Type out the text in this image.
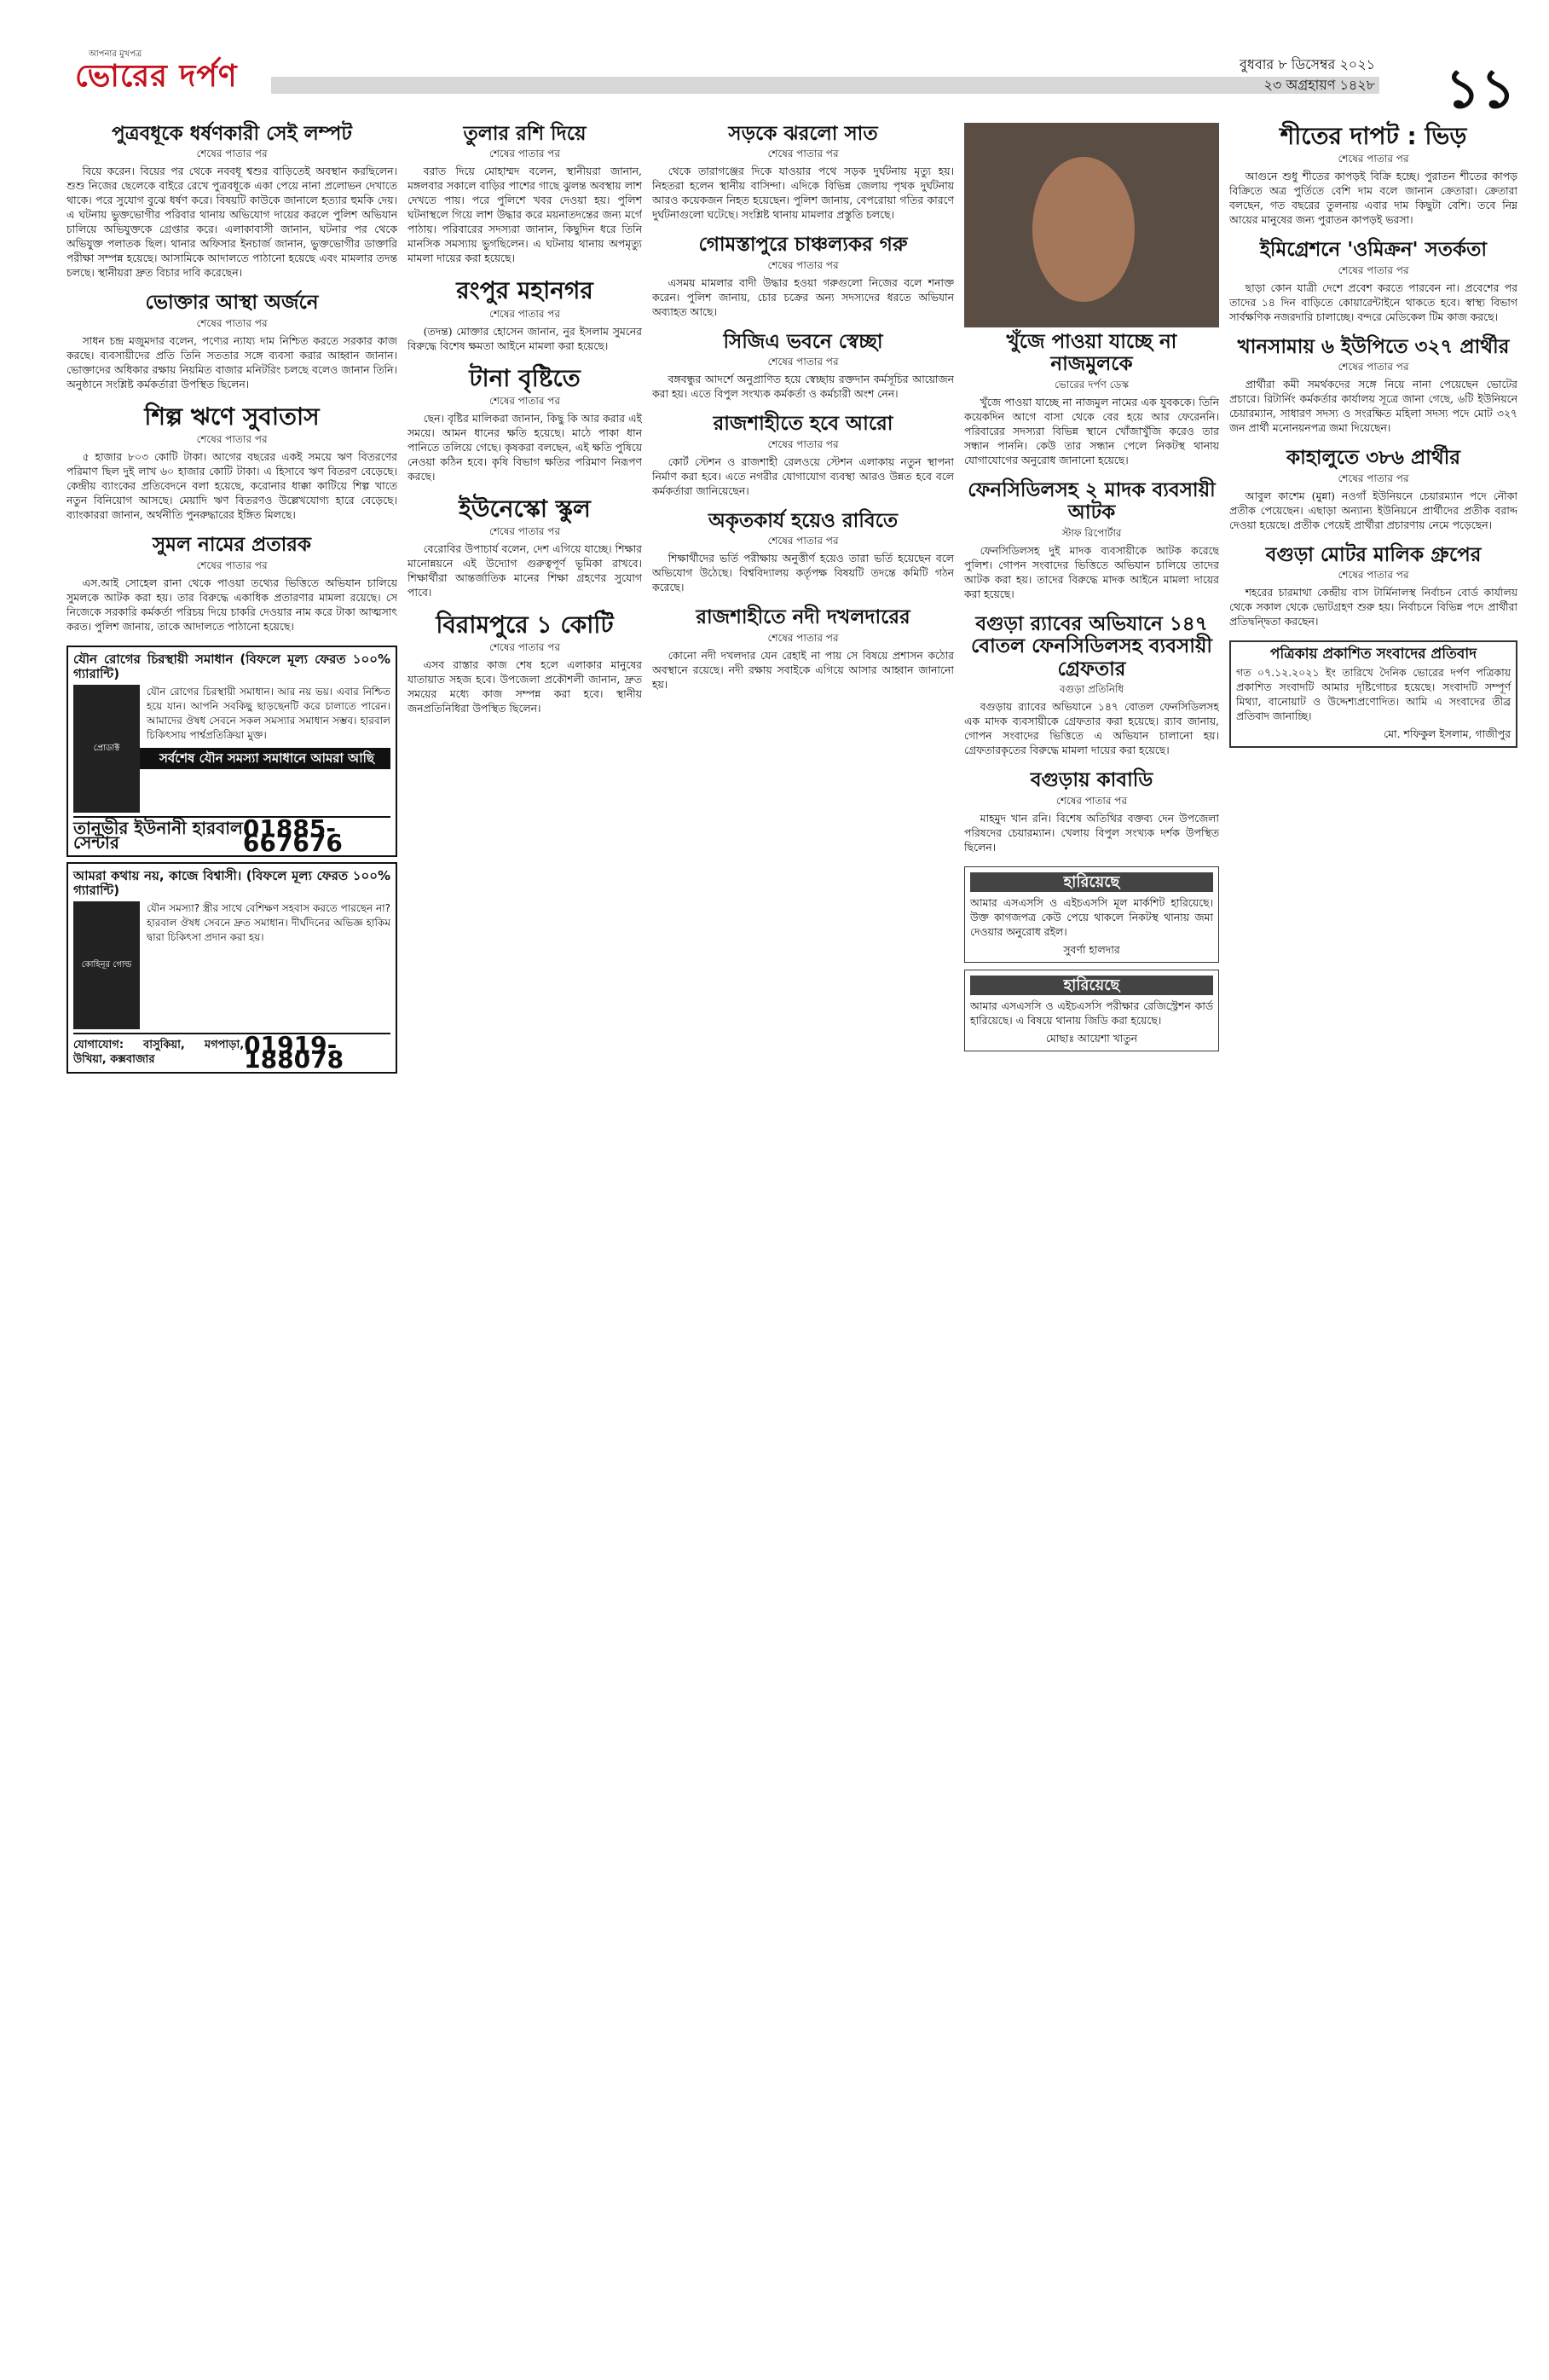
আপনার মুখপত্র
ভোরের দর্পণ	বুধবার ৮ ডিসেম্বর ২০২১
২৩ অগ্রহায়ণ ১৪২৮ ১১
পুত্রবধূকে ধর্ষণকারী সেই লম্পট
শেষের পাতার পর

বিয়ে করেন। বিয়ের পর থেকে নববধূ শ্বশুর বাড়িতেই অবস্থান করছিলেন। শুশু নিজের ছেলেকে বাইরে রেখে পুত্রবধূকে একা পেয়ে নানা প্রলোভন দেখাতে থাকে। পরে সুযোগ বুঝে ধর্ষণ করে। বিষয়টি কাউকে জানালে হত্যার হুমকি দেয়। এ ঘটনায় ভুক্তভোগীর পরিবার থানায় অভিযোগ দায়ের করলে পুলিশ অভিযান চালিয়ে অভিযুক্তকে গ্রেপ্তার করে। এলাকাবাসী জানান, ঘটনার পর থেকে অভিযুক্ত পলাতক ছিল। থানার অফিসার ইনচার্জ জানান, ভুক্তভোগীর ডাক্তারি পরীক্ষা সম্পন্ন হয়েছে। আসামিকে আদালতে পাঠানো হয়েছে এবং মামলার তদন্ত চলছে। স্থানীয়রা দ্রুত বিচার দাবি করেছেন।

ভোক্তার আস্থা অর্জনে
শেষের পাতার পর

সাধন চন্দ্র মজুমদার বলেন, পণ্যের ন্যায্য দাম নিশ্চিত করতে সরকার কাজ করছে। ব্যবসায়ীদের প্রতি তিনি সততার সঙ্গে ব্যবসা করার আহ্বান জানান। ভোক্তাদের অধিকার রক্ষায় নিয়মিত বাজার মনিটরিং চলছে বলেও জানান তিনি। অনুষ্ঠানে সংশ্লিষ্ট কর্মকর্তারা উপস্থিত ছিলেন।

শিল্প ঋণে সুবাতাস
শেষের পাতার পর

৫ হাজার ৮০৩ কোটি টাকা। আগের বছরের একই সময়ে ঋণ বিতরণের পরিমাণ ছিল দুই লাখ ৬০ হাজার কোটি টাকা। এ হিসাবে ঋণ বিতরণ বেড়েছে। কেন্দ্রীয় ব্যাংকের প্রতিবেদনে বলা হয়েছে, করোনার ধাক্কা কাটিয়ে শিল্প খাতে নতুন বিনিয়োগ আসছে। মেয়াদি ঋণ বিতরণও উল্লেখযোগ্য হারে বেড়েছে। ব্যাংকাররা জানান, অর্থনীতি পুনরুদ্ধারের ইঙ্গিত মিলছে।

সুমল নামের প্রতারক
শেষের পাতার পর

এস.আই সোহেল রানা থেকে পাওয়া তথ্যের ভিত্তিতে অভিযান চালিয়ে সুমলকে আটক করা হয়। তার বিরুদ্ধে একাধিক প্রতারণার মামলা রয়েছে। সে নিজেকে সরকারি কর্মকর্তা পরিচয় দিয়ে চাকরি দেওয়ার নাম করে টাকা আত্মসাৎ করত। পুলিশ জানায়, তাকে আদালতে পাঠানো হয়েছে।

যৌন রোগের চিরস্থায়ী সমাধান (বিফলে মূল্য ফেরত ১০০% গ্যারান্টি)
প্রোডাক্ট
যৌন রোগের চিরস্থায়ী সমাধান। আর নয় ভয়। এবার নিশ্চিত হয়ে যান। আপনি সবকিছু ছাড়ছেনটি করে চালাতে পারেন। আমাদের ঔষধ সেবনে সকল সমস্যার সমাধান সম্ভব। হারবাল চিকিৎসায় পার্শ্বপ্রতিক্রিয়া মুক্ত।
সর্বশেষ যৌন সমস্যা সমাধানে আমরা আছি
তানভীর ইউনানী হারবাল সেন্টার	01885-667676
আমরা কথায় নয়, কাজে বিশ্বাসী। (বিফলে মূল্য ফেরত ১০০% গ্যারান্টি)
কোহিনূর গোল্ড
যৌন সমস্যা? স্ত্রীর সাথে বেশিক্ষণ সহবাস করতে পারছেন না? হারবাল ঔষধ সেবনে দ্রুত সমাধান। দীর্ঘদিনের অভিজ্ঞ হাকিম দ্বারা চিকিৎসা প্রদান করা হয়।
যোগাযোগ: বাসুকিয়া, মগপাড়া, উখিয়া, কক্সবাজার
01919-188078
তুলার রশি দিয়ে
শেষের পাতার পর

বরাত দিয়ে মোহাম্মদ বলেন, স্থানীয়রা জানান, মঙ্গলবার সকালে বাড়ির পাশের গাছে ঝুলন্ত অবস্থায় লাশ দেখতে পায়। পরে পুলিশে খবর দেওয়া হয়। পুলিশ ঘটনাস্থলে গিয়ে লাশ উদ্ধার করে ময়নাতদন্তের জন্য মর্গে পাঠায়। পরিবারের সদস্যরা জানান, কিছুদিন ধরে তিনি মানসিক সমস্যায় ভুগছিলেন। এ ঘটনায় থানায় অপমৃত্যু মামলা দায়ের করা হয়েছে।

রংপুর মহানগর
শেষের পাতার পর

(তদন্ত) মোক্তার হোসেন জানান, নুর ইসলাম সুমনের বিরুদ্ধে বিশেষ ক্ষমতা আইনে মামলা করা হয়েছে।

টানা বৃষ্টিতে
শেষের পাতার পর

ছেন। বৃষ্টির মালিকরা জানান, কিছু কি আর করার এই সময়ে। আমন ধানের ক্ষতি হয়েছে। মাঠে পাকা ধান পানিতে তলিয়ে গেছে। কৃষকরা বলছেন, এই ক্ষতি পুষিয়ে নেওয়া কঠিন হবে। কৃষি বিভাগ ক্ষতির পরিমাণ নিরূপণ করছে।

ইউনেস্কো স্কুল
শেষের পাতার পর

বেরোবির উপাচার্য বলেন, দেশ এগিয়ে যাচ্ছে। শিক্ষার মানোন্নয়নে এই উদ্যোগ গুরুত্বপূর্ণ ভূমিকা রাখবে। শিক্ষার্থীরা আন্তর্জাতিক মানের শিক্ষা গ্রহণের সুযোগ পাবে।

বিরামপুরে ১ কোটি
শেষের পাতার পর

এসব রাস্তার কাজ শেষ হলে এলাকার মানুষের যাতায়াত সহজ হবে। উপজেলা প্রকৌশলী জানান, দ্রুত সময়ের মধ্যে কাজ সম্পন্ন করা হবে। স্থানীয় জনপ্রতিনিধিরা উপস্থিত ছিলেন।

সড়কে ঝরলো সাত
শেষের পাতার পর

থেকে তারাগঞ্জের দিকে যাওয়ার পথে সড়ক দুর্ঘটনায় মৃত্যু হয়। নিহতরা হলেন স্থানীয় বাসিন্দা। এদিকে বিভিন্ন জেলায় পৃথক দুর্ঘটনায় আরও কয়েকজন নিহত হয়েছেন। পুলিশ জানায়, বেপরোয়া গতির কারণে দুর্ঘটনাগুলো ঘটেছে। সংশ্লিষ্ট থানায় মামলার প্রস্তুতি চলছে।

গোমস্তাপুরে চাঞ্চল্যকর গরু
শেষের পাতার পর

এসময় মামলার বাদী উদ্ধার হওয়া গরুগুলো নিজের বলে শনাক্ত করেন। পুলিশ জানায়, চোর চক্রের অন্য সদস্যদের ধরতে অভিযান অব্যাহত আছে।

সিজিএ ভবনে স্বেচ্ছা
শেষের পাতার পর

বঙ্গবন্ধুর আদর্শে অনুপ্রাণিত হয়ে স্বেচ্ছায় রক্তদান কর্মসূচির আয়োজন করা হয়। এতে বিপুল সংখ্যক কর্মকর্তা ও কর্মচারী অংশ নেন।

রাজশাহীতে হবে আরো
শেষের পাতার পর

কোর্ট স্টেশন ও রাজশাহী রেলওয়ে স্টেশন এলাকায় নতুন স্থাপনা নির্মাণ করা হবে। এতে নগরীর যোগাযোগ ব্যবস্থা আরও উন্নত হবে বলে কর্মকর্তারা জানিয়েছেন।

অকৃতকার্য হয়েও রাবিতে
শেষের পাতার পর

শিক্ষার্থীদের ভর্তি পরীক্ষায় অনুত্তীর্ণ হয়েও তারা ভর্তি হয়েছেন বলে অভিযোগ উঠেছে। বিশ্ববিদ্যালয় কর্তৃপক্ষ বিষয়টি তদন্তে কমিটি গঠন করেছে।

রাজশাহীতে নদী দখলদারের
শেষের পাতার পর

কোনো নদী দখলদার যেন রেহাই না পায় সে বিষয়ে প্রশাসন কঠোর অবস্থানে রয়েছে। নদী রক্ষায় সবাইকে এগিয়ে আসার আহ্বান জানানো হয়।

খুঁজে পাওয়া যাচ্ছে না নাজমুলকে
ভোরের দর্পণ ডেস্ক

খুঁজে পাওয়া যাচ্ছে না নাজমুল নামের এক যুবককে। তিনি কয়েকদিন আগে বাসা থেকে বের হয়ে আর ফেরেননি। পরিবারের সদস্যরা বিভিন্ন স্থানে খোঁজাখুঁজি করেও তার সন্ধান পাননি। কেউ তার সন্ধান পেলে নিকটস্থ থানায় যোগাযোগের অনুরোধ জানানো হয়েছে।

ফেনসিডিলসহ ২ মাদক ব্যবসায়ী আটক
স্টাফ রিপোর্টার

ফেনসিডিলসহ দুই মাদক ব্যবসায়ীকে আটক করেছে পুলিশ। গোপন সংবাদের ভিত্তিতে অভিযান চালিয়ে তাদের আটক করা হয়। তাদের বিরুদ্ধে মাদক আইনে মামলা দায়ের করা হয়েছে।

বগুড়া র‍্যাবের অভিযানে ১৪৭ বোতল ফেনসিডিলসহ ব্যবসায়ী গ্রেফতার
বগুড়া প্রতিনিধি

বগুড়ায় র‍্যাবের অভিযানে ১৪৭ বোতল ফেনসিডিলসহ এক মাদক ব্যবসায়ীকে গ্রেফতার করা হয়েছে। র‍্যাব জানায়, গোপন সংবাদের ভিত্তিতে এ অভিযান চালানো হয়। গ্রেফতারকৃতের বিরুদ্ধে মামলা দায়ের করা হয়েছে।

বগুড়ায় কাবাডি
শেষের পাতার পর

মাহমুদ খান রনি। বিশেষ অতিথির বক্তব্য দেন উপজেলা পরিষদের চেয়ারম্যান। খেলায় বিপুল সংখ্যক দর্শক উপস্থিত ছিলেন।

হারিয়েছে

আমার এসএসসি ও এইচএসসি মূল মার্কশিট হারিয়েছে। উক্ত কাগজপত্র কেউ পেয়ে থাকলে নিকটস্থ থানায় জমা দেওয়ার অনুরোধ রইল।

সুবর্ণা হালদার
হারিয়েছে

আমার এসএসসি ও এইচএসসি পরীক্ষার রেজিস্ট্রেশন কার্ড হারিয়েছে। এ বিষয়ে থানায় জিডি করা হয়েছে।

মোছাঃ আয়েশা খাতুন
শীতের দাপট : ভিড়
শেষের পাতার পর

আগুনে শুধু শীতের কাপড়ই বিক্রি হচ্ছে। পুরাতন শীতের কাপড় বিক্রিতে অত্র পুর্তিতে বেশি দাম বলে জানান ক্রেতারা। ক্রেতারা বলছেন, গত বছরের তুলনায় এবার দাম কিছুটা বেশি। তবে নিম্ন আয়ের মানুষের জন্য পুরাতন কাপড়ই ভরসা।

ইমিগ্রেশনে 'ওমিক্রন' সতর্কতা
শেষের পাতার পর

ছাড়া কোন যাত্রী দেশে প্রবেশ করতে পারবেন না। প্রবেশের পর তাদের ১৪ দিন বাড়িতে কোয়ারেন্টাইনে থাকতে হবে। স্বাস্থ্য বিভাগ সার্বক্ষণিক নজরদারি চালাচ্ছে। বন্দরে মেডিকেল টিম কাজ করছে।

খানসামায় ৬ ইউপিতে ৩২৭ প্রার্থীর
শেষের পাতার পর

প্রার্থীরা কমী সমর্থকদের সঙ্গে নিয়ে নানা পেয়েছেন ভোটের প্রচারে। রিটার্নিং কর্মকর্তার কার্যালয় সূত্রে জানা গেছে, ৬টি ইউনিয়নে চেয়ারম্যান, সাধারণ সদস্য ও সংরক্ষিত মহিলা সদস্য পদে মোট ৩২৭ জন প্রার্থী মনোনয়নপত্র জমা দিয়েছেন।

কাহালুতে ৩৮৬ প্রার্থীর
শেষের পাতার পর

আবুল কাশেম (মুন্না) নওগাঁ ইউনিয়নে চেয়ারম্যান পদে নৌকা প্রতীক পেয়েছেন। এছাড়া অন্যান্য ইউনিয়নে প্রার্থীদের প্রতীক বরাদ্দ দেওয়া হয়েছে। প্রতীক পেয়েই প্রার্থীরা প্রচারণায় নেমে পড়েছেন।

বগুড়া মোটর মালিক গ্রুপের
শেষের পাতার পর

শহরের চারমাথা কেন্দ্রীয় বাস টার্মিনালস্থ নির্বাচন বোর্ড কার্যালয় থেকে সকাল থেকে ভোটগ্রহণ শুরু হয়। নির্বাচনে বিভিন্ন পদে প্রার্থীরা প্রতিদ্বন্দ্বিতা করছেন।

পত্রিকায় প্রকাশিত সংবাদের প্রতিবাদ

গত ০৭.১২.২০২১ ইং তারিখে দৈনিক ভোরের দর্পণ পত্রিকায় প্রকাশিত সংবাদটি আমার দৃষ্টিগোচর হয়েছে। সংবাদটি সম্পূর্ণ মিথ্যা, বানোয়াট ও উদ্দেশ্যপ্রণোদিত। আমি এ সংবাদের তীব্র প্রতিবাদ জানাচ্ছি।

মো. শফিকুল ইসলাম, গাজীপুর
